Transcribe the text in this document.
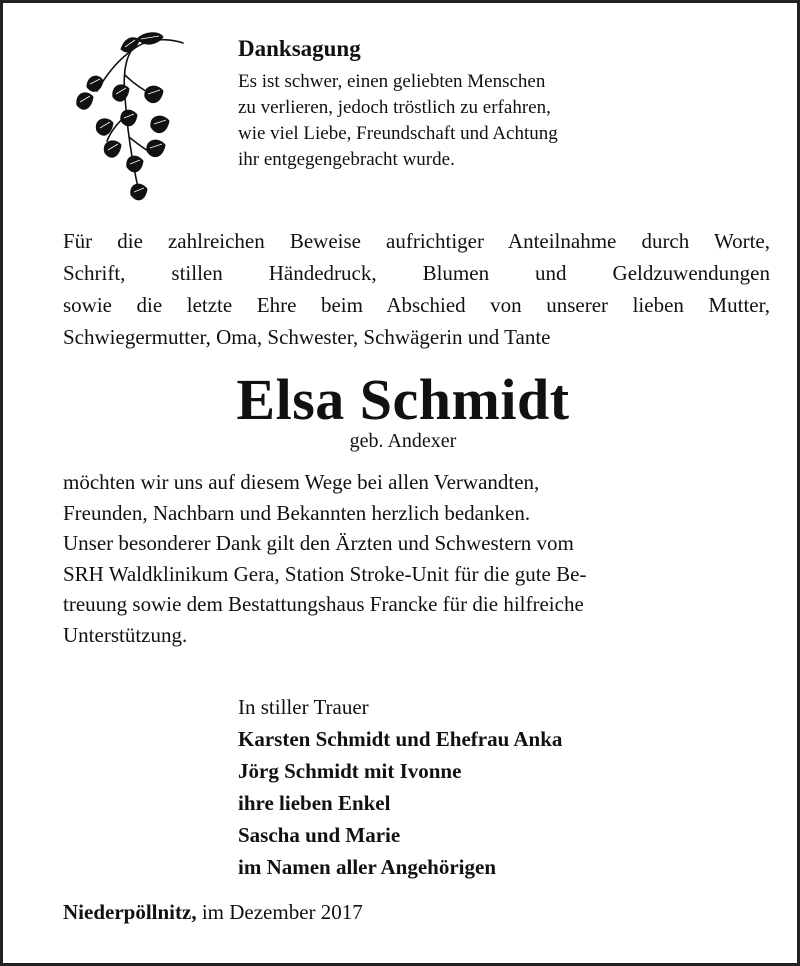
Danksagung
Es ist schwer, einen geliebten Menschen
zu verlieren, jedoch tröstlich zu erfahren,
wie viel Liebe, Freundschaft und Achtung
ihr entgegengebracht wurde.
Für die zahlreichen Beweise aufrichtiger Anteilnahme durch Worte,
Schrift, stillen Händedruck, Blumen und Geldzuwendungen
sowie die letzte Ehre beim Abschied von unserer lieben Mutter,
Schwiegermutter, Oma, Schwester, Schwägerin und Tante
Elsa Schmidt
geb. Andexer
möchten wir uns auf diesem Wege bei allen Verwandten,
Freunden, Nachbarn und Bekannten herzlich bedanken.
Unser besonderer Dank gilt den Ärzten und Schwestern vom
SRH Waldklinikum Gera, Station Stroke-Unit für die gute Be-
treuung sowie dem Bestattungshaus Francke für die hilfreiche
Unterstützung.
In stiller Trauer
Karsten Schmidt und Ehefrau Anka
Jörg Schmidt mit Ivonne
ihre lieben Enkel
Sascha und Marie
im Namen aller Angehörigen
Niederpöllnitz, im Dezember 2017
